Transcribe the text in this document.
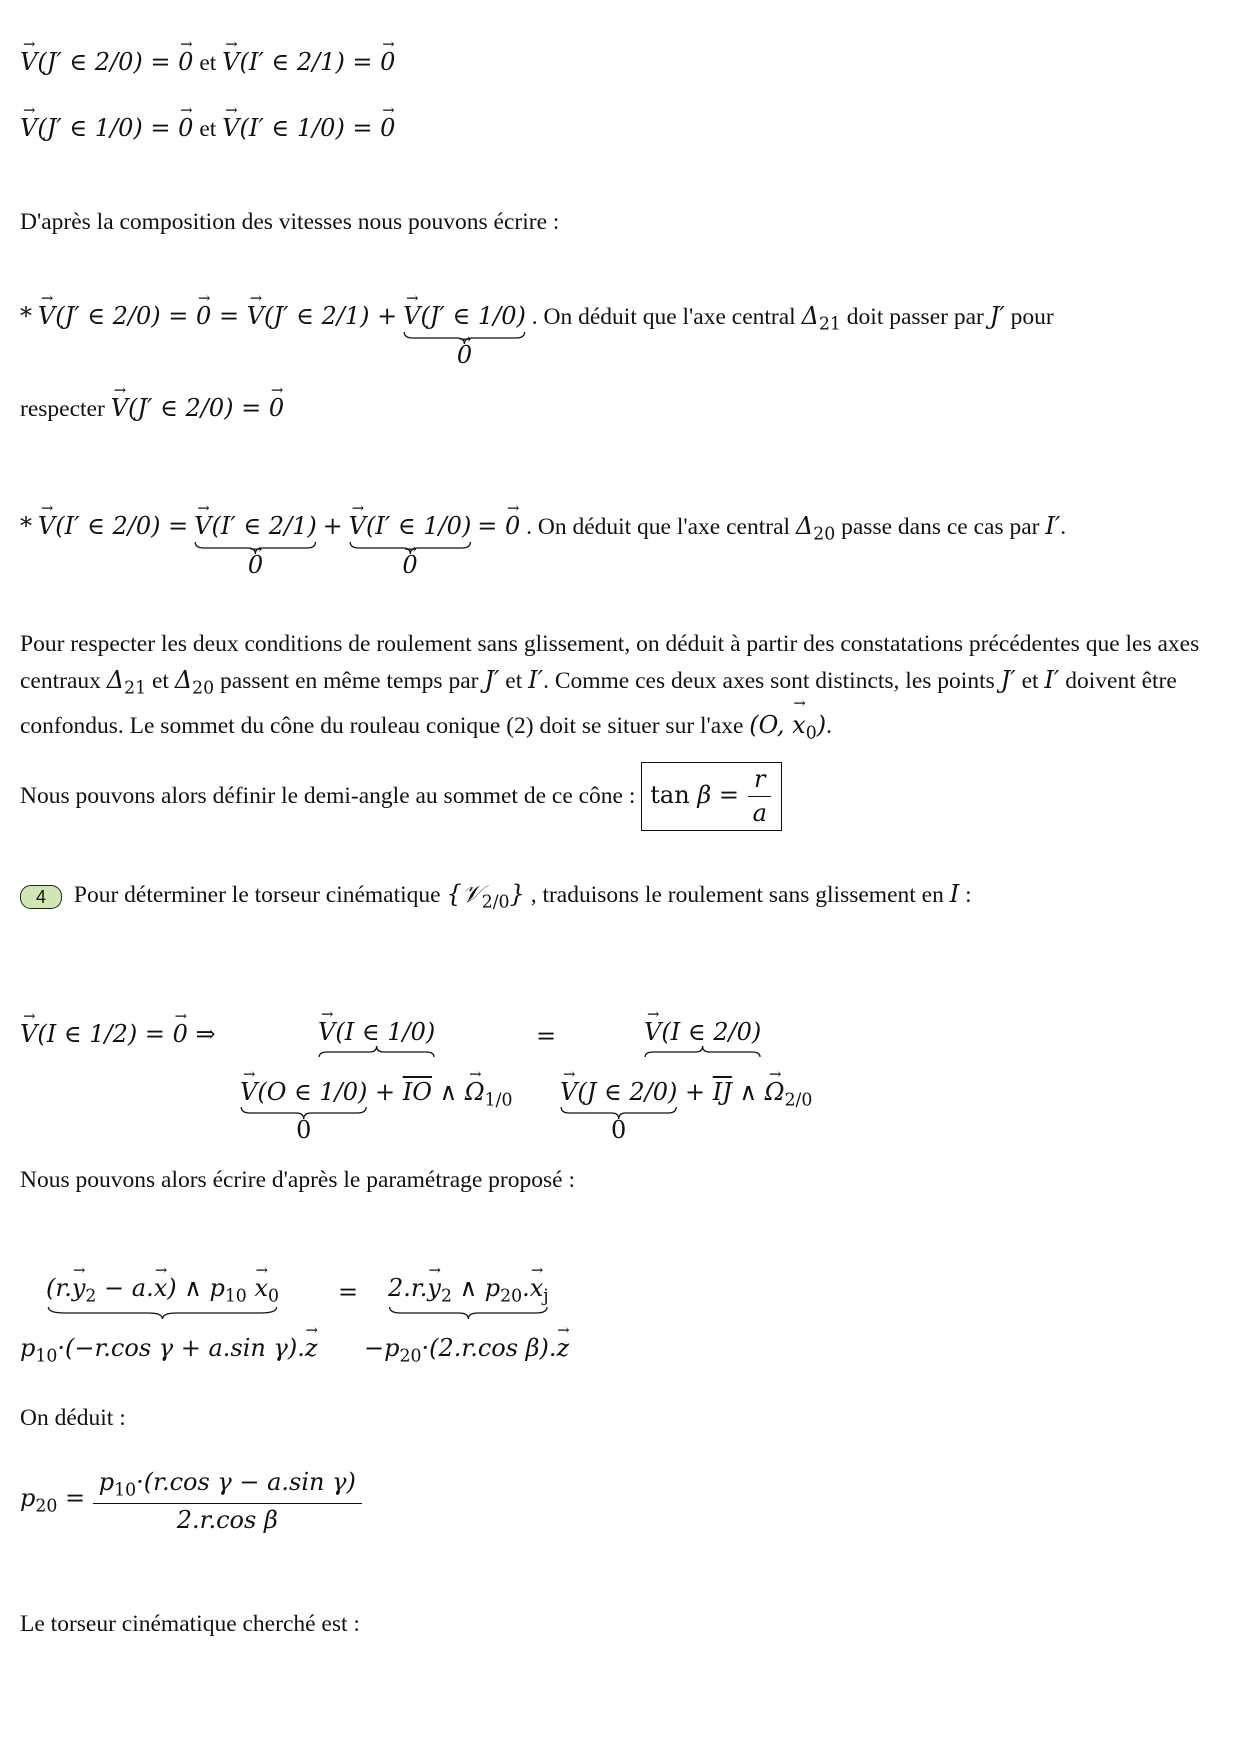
V →(J′ ∈ 2/0) = 0 → et V →(I′ ∈ 2/1) = 0 →
V →(J′ ∈ 1/0) = 0 → et V →(I′ ∈ 1/0) = 0 →
D'après la composition des vitesses nous pouvons écrire :
* V →(J′ ∈ 2/0) = 0 → = V →(J′ ∈ 2/1) + V →(J′ ∈ 1/0)
0 →
. On déduit que l'axe central $\Delta_{21}$ doit passer par J′ pour
respecter V →(J′ ∈ 2/0) = 0 →
* V →(I′ ∈ 2/0) = V →(I′ ∈ 2/1)
0 →
+ V →(I′ ∈ 1/0)
0 →
= 0 → . On déduit que l'axe central $\Delta_{20}$ passe dans ce cas par I′.
Pour respecter les deux conditions de roulement sans glissement, on déduit à partir des constatations précédentes que les axes centraux $\Delta_{21}$ et $\Delta_{20}$ passent en même temps par J′ et I′. Comme ces deux axes sont distincts, les points J′ et I′ doivent être confondus. Le sommet du cône du rouleau conique (2) doit se situer sur l'axe (O, $x \to_0$).
Nous pouvons alors définir le demi-angle au sommet de ce cône : $\tan \beta = \frac{r}{a}$
4 Pour déterminer le torseur cinématique {𝒱$_{2/0}$} , traduisons le roulement sans glissement en I :
V →(I ∈ 1/2) = 0 → ⇒	V →(I ∈ 1/0)	=	V →(I ∈ 2/0)
V →(O ∈ 1/0)
0
+ $\overline{IO}$ ∧ $\Omega \to_{1/0}$ V →(J ∈ 2/0)
0
+ $\overline{IJ}$ ∧ $\Omega \to_{2/0}$
Nous pouvons alors écrire d'après le paramétrage proposé :
($r.y \to_2 - a.x$ →) ∧ $p_{10}$ $x \to_0 = 2.r.y \to_2$ ∧ $p_{20}.x \to_j$
$p_{10}\cdot(-r.\cos$ γ + a.sin $\gamma).z \to -p_{20}\cdot(2.r.\cos$ β).z →
On déduit :
$p_{20} = \frac{p_{10}\cdot(r.\cos \gamma - a.\sin \gamma)}{\text{2.r.cos β}}$
Le torseur cinématique cherché est :
